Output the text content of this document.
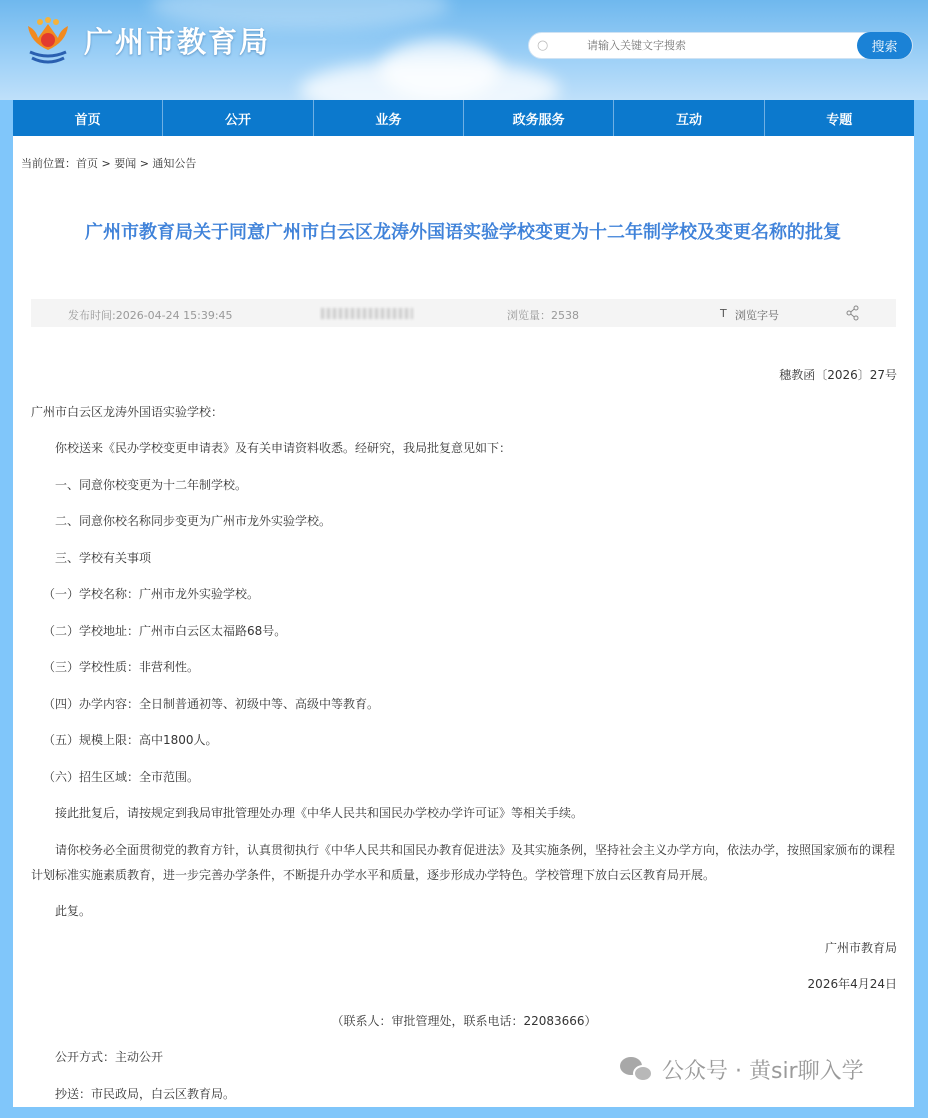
广州市教育局	○
请输入关键文字搜索	搜索
首页	公开	业务	政务服务	互动	专题
当前位置：首页 > 要闻 > 通知公告
广州市教育局关于同意广州市白云区龙涛外国语实验学校变更为十二年制学校及变更名称的批复
发布时间:2026-04-24 15:39:45	浏览量：2538	T 浏览字号
穗教函〔2026〕27号
广州市白云区龙涛外国语实验学校：
你校送来《民办学校变更申请表》及有关申请资料收悉。经研究，我局批复意见如下：
一、同意你校变更为十二年制学校。
二、同意你校名称同步变更为广州市龙外实验学校。
三、学校有关事项
（一）学校名称：广州市龙外实验学校。
（二）学校地址：广州市白云区太福路68号。
（三）学校性质：非营利性。
（四）办学内容：全日制普通初等、初级中等、高级中等教育。
（五）规模上限：高中1800人。
（六）招生区域：全市范围。
接此批复后，请按规定到我局审批管理处办理《中华人民共和国民办学校办学许可证》等相关手续。
请你校务必全面贯彻党的教育方针，认真贯彻执行《中华人民共和国民办教育促进法》及其实施条例，坚持社会主义办学方向，依法办学，按照国家颁布的课程计划标准实施素质教育，进一步完善办学条件，不断提升办学水平和质量，逐步形成办学特色。学校管理下放白云区教育局开展。
此复。
广州市教育局
2026年4月24日
（联系人：审批管理处，联系电话：22083666）
公开方式：主动公开
抄送：市民政局，白云区教育局。
公众号 · 黄sir聊入学
